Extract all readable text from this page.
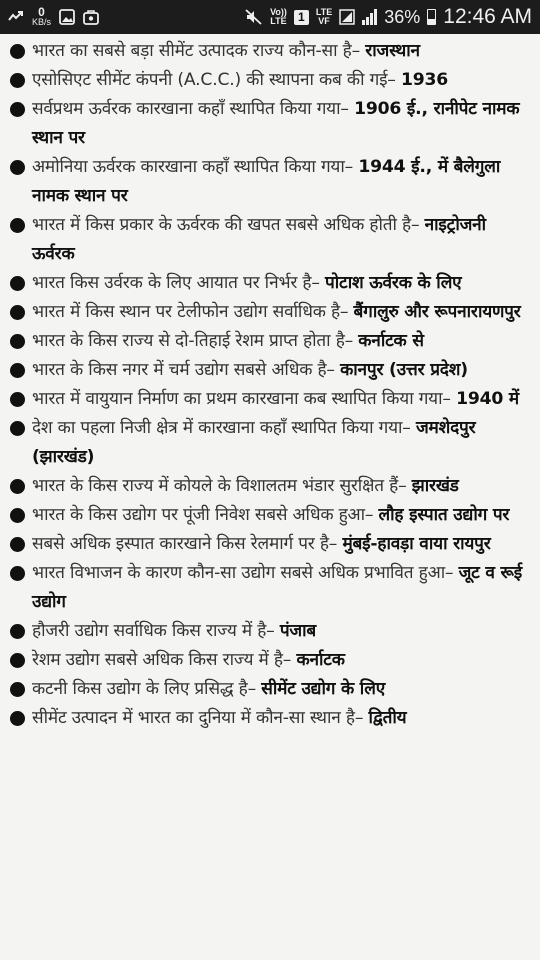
0
KB/s
Vo))
LTE 1	LTE
VF	36% 12:46 AM

भारत का सबसे बड़ा सीमेंट उत्पादक राज्य कौन-सा है– राजस्थान

एसोसिएट सीमेंट कंपनी (A.C.C.) की स्थापना कब की गई– 1936

सर्वप्रथम ऊर्वरक कारखाना कहाँ स्थापित किया गया– 1906 ई., रानीपेट नामक स्थान पर

अमोनिया ऊर्वरक कारखाना कहाँ स्थापित किया गया– 1944 ई., में बैलेगुला नामक स्थान पर

भारत में किस प्रकार के ऊर्वरक की खपत सबसे अधिक होती है– नाइट्रोजनी ऊर्वरक

भारत किस उर्वरक के लिए आयात पर निर्भर है– पोटाश ऊर्वरक के लिए

भारत में किस स्थान पर टेलीफोन उद्योग सर्वाधिक है– बैंगालुरु और रूपनारायणपुर

भारत के किस राज्य से दो-तिहाई रेशम प्राप्त होता है– कर्नाटक से

भारत के किस नगर में चर्म उद्योग सबसे अधिक है– कानपुर (उत्तर प्रदेश)

भारत में वायुयान निर्माण का प्रथम कारखाना कब स्थापित किया गया– 1940 में

देश का पहला निजी क्षेत्र में कारखाना कहाँ स्थापित किया गया– जमशेदपुर (झारखंड)

भारत के किस राज्य में कोयले के विशालतम भंडार सुरक्षित हैं– झारखंड

भारत के किस उद्योग पर पूंजी निवेश सबसे अधिक हुआ– लौह इस्पात उद्योग पर

सबसे अधिक इस्पात कारखाने किस रेलमार्ग पर है– मुंबई-हावड़ा वाया रायपुर

भारत विभाजन के कारण कौन-सा उद्योग सबसे अधिक प्रभावित हुआ– जूट व रूई उद्योग

हौजरी उद्योग सर्वाधिक किस राज्य में है– पंजाब

रेशम उद्योग सबसे अधिक किस राज्य में है– कर्नाटक

कटनी किस उद्योग के लिए प्रसिद्ध है– सीमेंट उद्योग के लिए

सीमेंट उत्पादन में भारत का दुनिया में कौन-सा स्थान है– द्वितीय
